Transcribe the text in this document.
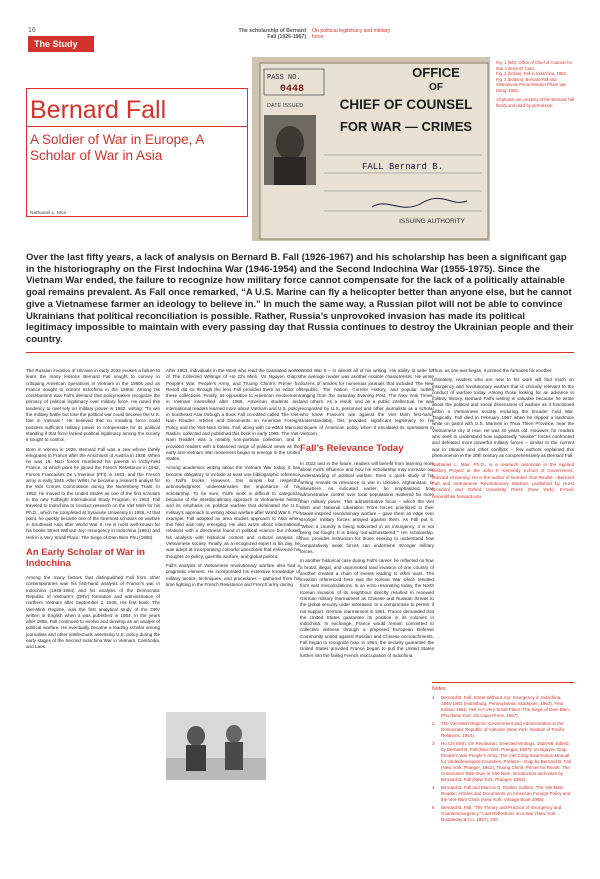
16
The Study
The scholarship of Bernard Fall (1926-1967)
On political legitimacy and military force
Bernard Fall
A Soldier of War in Europe, A Scholar of War in Asia
Nathaniel L. Moir
PASS NO.
0448
DATE ISSUED
OFFICE
OF
CHIEF OF COUNSEL
FOR WAR — CRIMES
FALL Bernard B.
ISSUING AUTHORITY
Fig. 1 (left): Office of Chief of Counsel for War Crimes ID Card.
Fig. 2 (below): Fall in Indochina, 1953.
Fig. 3 (bottom): Bernard Fall and Vietnamese Prime Minister Pham Van Dong, 1962.
All photos are courtesy of the Bernard Fall family and used by permission.
Over the last fifty years, a lack of analysis on Bernard B. Fall (1926-1967) and his scholarship has been a significant gap in the historiography on the First Indochina War (1946-1954) and the Second Indochina War (1955-1975). Since the Vietnam War ended, the failure to recognize how military force cannot compensate for the lack of a politically attainable goal remains prevalent. As Fall once remarked, “A U.S. Marine can fly a helicopter better than anyone else, but he cannot give a Vietnamese farmer an ideology to believe in.” In much the same way, a Russian pilot will not be able to convince Ukrainians that political reconciliation is possible. Rather, Russia’s unprovoked invasion has made its political legitimacy impossible to maintain with every passing day that Russia continues to destroy the Ukrainian people and their country.

The Russian invasion of Ukraine in early 2022 evokes a failure to learn the many lessons Bernard Fall sought to convey in critiquing American operations in Vietnam in the 1960s and as France sought to control Indochina in the 1950s. Among his contributions was Fall’s demand that policymakers recognize the primacy of political legitimacy over military force. He noted this tendency to over-rely on military power in 1962, writing: “To win the military battle but lose the political war could become the U.S. fate in Vietnam.” He believed that no invading force could possess sufficient military power to compensate for its political standing if that force lacked political legitimacy among the society it sought to control.

Born in Vienna in 1926, Bernard Fall was a Jew whose family emigrated to France after the Anschluss of Austria in 1938. When he was 16, Nazi forces murdered his parents in Vichy-held France, at which point he joined the French Resistance in 1942, Forces Francaises De L’Interieur (FFI) in 1943, and the French army in early 1945. After WWII, he became a research analyst for the War Crimes Commission during the Nuremberg Trials. In 1952, he moved to the United States as one of the first scholars in the new Fulbright International Study Program. In 1953, Fall traveled to Indochina to conduct research on the Viet Minh for his Ph.D., which he completed at Syracuse University in 1955. At that point, he quickly became one of the foremost scholars on warfare in Southeast Asia after World War II. He is most well-known for his books Street Without Joy: Insurgency in Indochina (1961) and Hell in a Very Small Place: The Siege of Dien Bien Phu (1966).

An Early Scholar of War in Indochina

Among the many factors that distinguished Fall from other contemporaries was his first-hand analysis of France’s war in Indochina (1945-1954) and his analysis of the Democratic Republic of Vietnam’s (DRV) formation and administration of northern Vietnam after September 2, 1945. His first book, The Viet-Minh Regime, was the first analytical study of the DRV written in English when it was published in 1954. In the years after 1955, Fall continued to evolve and develop as an analyst of political warfare. He eventually became a leading scholar among journalists and other intellectuals assessing U.S. policy during the early stages of the Second Indochina War in Vietnam, Cambodia, and Laos.

After 1963, individuals in the West who read the translated works of The Collected Writings of Ho Chi Minh, Vo Nguyen Giap’s People’s War, People’s Army, and Truong Chinh’s Primer for Revolt did so through the lens Fall provided them as editor of these collections. Finally, as opposition to American involvement in Vietnam intensified after 1965, American students and international readers learned more about Vietnam and U.S. policy in Southeast Asia through a book Fall co-edited called The Viet-Nam Reader: Articles and Documents on American Foreign Policy and the Viet-Nam Crisis. Fall, along with co-editor Marcus Raskin, collected and published this book in early 1965. The Viet-Nam Reader was a notably non-partisan collection, and it provided readers with a balanced range of political views as the early anti-Vietnam War movement began to emerge in the United States.

Among academics writing about the Vietnam War today, it has become obligatory to include at least one bibliographic reference to Fall’s books. However, this simple but respectful acknowledgment underestimates the importance of his scholarship. To be sure, Fall’s work is difficult to categorize because of the interdisciplinary approach to Vietnamese history and its emphasis on political warfare that dominated the U.S. military’s approach to writing about warfare after World War II. For example, Fall adopted an area studies approach to Asia when this field was only emerging. He also wrote about international relations with a directness found in political science but infused his analysis with historical context and cultural analysis of Vietnamese society. Finally, as a recognized expert in his day, he was adept at incorporating colourful anecdotes that enlivened his thoughts on policy, guerrilla warfare, and global politics.

Fall’s analysis of Vietnamese revolutionary warfare also had a pragmatic element. He incorporated his extensive knowledge of military tactics, techniques, and procedures – gathered from his time fighting in the French Resistance and French army during

World War II – in almost all of his writing. His ability to write for the average reader was another notable characteristic. He wrote dozens of articles for numerous journals that included The New Republic, The Nation, Current History, and popular outlets ranging from the Saturday Evening Post, The New York Times, and others. As a result, and as a public intellectual, he was recognized by U.S. personnel and other journalists as a scholar who knew France’s war against the Viet Minh first-hand. Understandably, this provided significant legitimacy to his critiques of American policy when it escalated its operations in Vietnam.

Fall’s Relevance Today

In 2022 and in the future, readers will benefit from learning more about Fall’s influence and how his scholarship may increase our understanding of political warfare. Even a quick study of his writing reveals its relevance to war in Ukraine, Afghanistan, or elsewhere. As indicated earlier, he emphasized how administrative control over local populations mattered far more than military power. This administrative focus – which the Viet Minh and National Liberation Front forces prioritized in their Maoist-inspired revolutionary warfare – gave them an edge over stronger military forces arrayed against them. As Fall put it, “When a country is being subverted in an insurgency, it is not being out-fought. It is being ‘out-administered.’” His scholarship, thus, provides instruction for those seeking to understand how comparatively weak forces can undermine stronger military forces.

In another historical case during Fall’s career, he reflected on how a brutal, illegal, and unprovoked land invasion of one country of another created a chain of events leading to other wars. The invasion referenced here was the Korean War which resulted from vast miscalculations. In an echo resonating today, the North Korean invasion of its neighbour directly resulted in renewed German military rearmament as Chinese and Russian threats to the global security order increased. In a compromise to permit, if not support, German rearmament in 1951, France demanded that the United States guarantee its position in its colonies in Indochina. In exchange, France would remain committed to collective defense through a proposed European Defense Community united against Russian and Chinese encroachments. Fall began to recognize how, in 1954, the security guarantee the United States provided France began to pull the United States further into the failing French reoccupation of Indochina.

Thus, as one war began, it primed the furnaces for another.

Ultimately, readers who are new to his work will find much on insurgency and revolutionary warfare that is critically relevant to the conduct of warfare today. Among those looking for an advance in military history, Bernard Fall’s writing is valuable because he wrote about the political and social dimensions of warfare as it functioned within a Vietnamese society enduring the broader Cold War. Tragically, Fall died in February 1967 when he tripped a landmine while on patrol with U.S. Marines in Thua Thien Province, near the Vietnamese city of Hue. He was 40 years old. However, for readers who seek to understand how supposedly “weaker” forces confronted and defeated more powerful military forces – similar to the current war in Ukraine and other conflicts – few authors explained this phenomenon in the 20th century as comprehensively as Bernard Fall.

Nathaniel L. Moir, Ph.D., is a research associate in the Applied History Project at the John F. Kennedy School of Government, Harvard University. He is the author of Number One Realist – Bernard Fall and Vietnamese Revolutionary Warfare, published by Hurst (London) and Oxford University Press (New York). E-mail: nmoir@hks.harvard.edu

Notes
1	Bernard B. Fall, Street Without Joy: Insurgency in Indochina, 1946-1963 (Harrisburg, Pennsylvania: Stackpole, 1963), First Edition 1961; Hell in A Very Small Place: The Siege of Dien Bien Phu (New York: Da Capo Press, 1967).
2	The Viet-Minh Regime: Government and Administration in the Democratic Republic of Vietnam (New York: Institute of Pacific Relations, 1954).
3	Ho Chi Minh, On Revolution: Selected Writings, 1920-66. Edited by Bernard B. Fall (New York: Praeger, 1967); Vo Nguyen Giap, People’s War People’s Army: The Viet Cong Insurrection Manual for Underdeveloped Countries. Preface – Giap by Bernard B. Fall. (New York: Praeger, 1962); Truong Chinh, Primer for Revolt: The Communist Take-Over in Viet-Nam, introduction and notes by Bernard B. Fall (New York: Praeger, 1963).
4	Bernard B. Fall and Marcus G. Raskin, Editors, The Viet-Nam Reader: Articles and Documents on American Foreign Policy and the Viet-Nam Crisis (New York: Vintage Book 1965).
5	Bernard B. Fall, “The Theory and Practice of Insurgency and Counterinsurgency,” Last Reflections on a War (New York: Doubleday & Co. 1967), 220.
